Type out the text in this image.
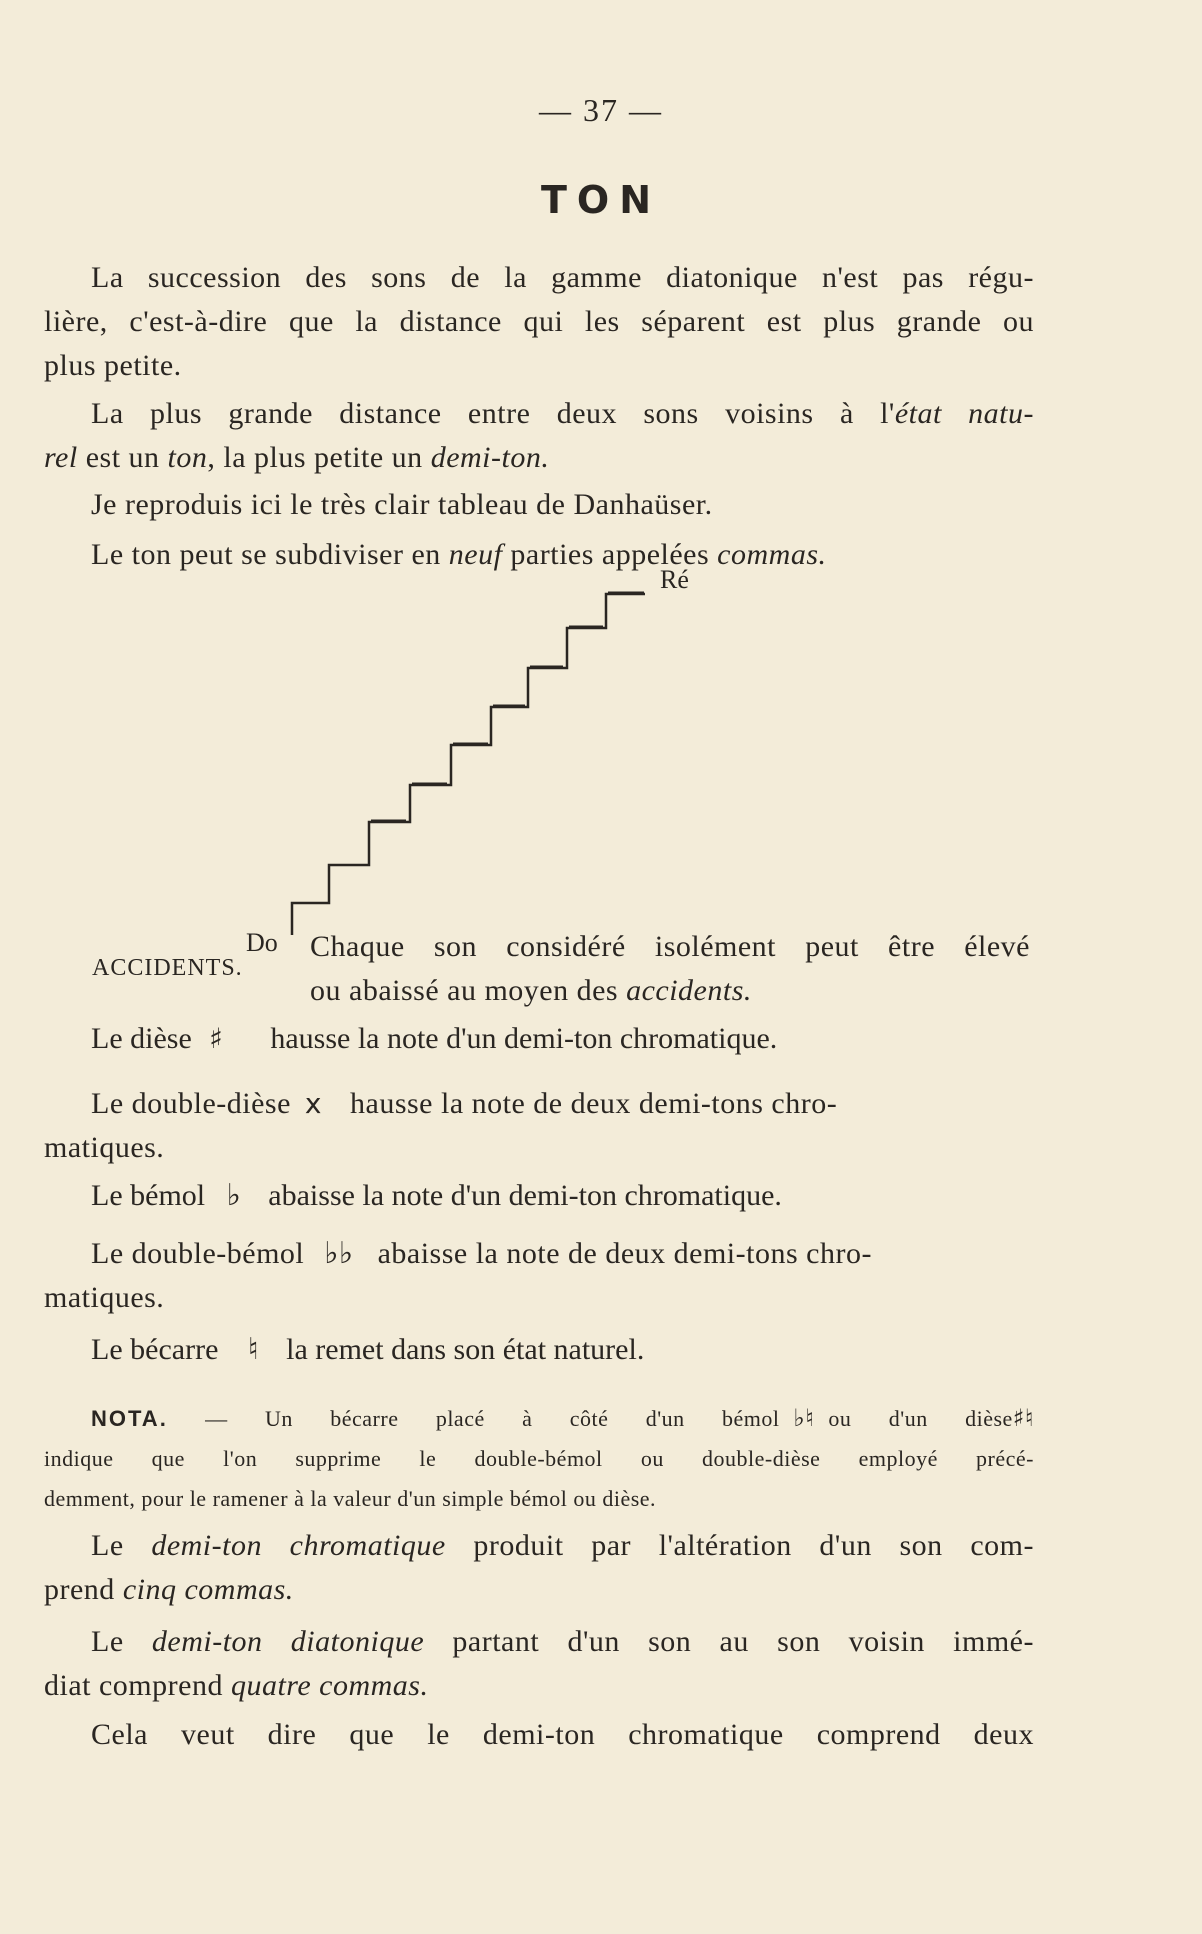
— 37 —
TON
La succession des sons de la gamme diatonique n'est pas régu-
lière, c'est-à-dire que la distance qui les séparent est plus grande ou
plus petite.
La plus grande distance entre deux sons voisins à l'état natu-
rel est un ton, la plus petite un demi-ton.
Je reproduis ici le très clair tableau de Danhaüser.
Le ton peut se subdiviser en neuf parties appelées commas.
Ré
Do
ACCIDENTS.
Chaque son considéré isolément peut être élevé
ou abaissé au moyen des accidents.
Le dièse ♯ hausse la note d'un demi-ton chromatique.
Le double-dièse x hausse la note de deux demi-tons chro-
matiques.
Le bémol ♭ abaisse la note d'un demi-ton chromatique.
Le double-bémol ♭♭ abaisse la note de deux demi-tons chro-
matiques.
Le bécarre ♮ la remet dans son état naturel.
NOTA. — Un bécarre placé à côté d'un bémol ♭♮ ou d'un dièse♯♮
indique que l'on supprime le double-bémol ou double-dièse employé précé-
demment, pour le ramener à la valeur d'un simple bémol ou dièse.
Le demi-ton chromatique produit par l'altération d'un son com-
prend cinq commas.
Le demi-ton diatonique partant d'un son au son voisin immé-
diat comprend quatre commas.
Cela veut dire que le demi-ton chromatique comprend deux
